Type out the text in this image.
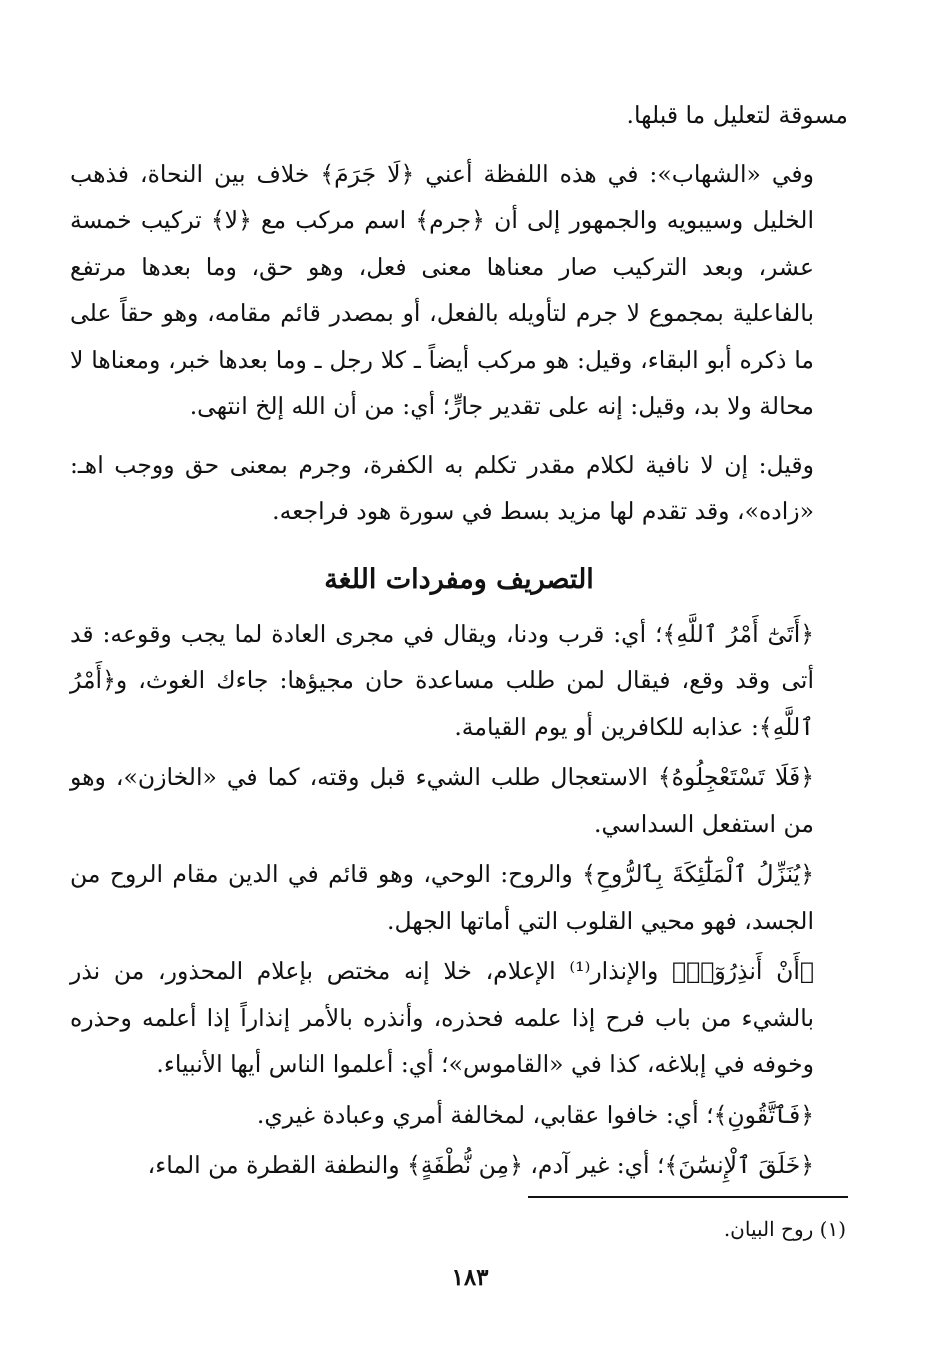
مسوقة لتعليل ما قبلها.

وفي «الشهاب»: في هذه اللفظة أعني ﴿لَا جَرَمَ﴾ خلاف بين النحاة، فذهب الخليل وسيبويه والجمهور إلى أن ﴿جرم﴾ اسم مركب مع ﴿لا﴾ تركيب خمسة عشر، وبعد التركيب صار معناها معنى فعل، وهو حق، وما بعدها مرتفع بالفاعلية بمجموع لا جرم لتأويله بالفعل، أو بمصدر قائم مقامه، وهو حقاً على ما ذكره أبو البقاء، وقيل: هو مركب أيضاً ـ كلا رجل ـ وما بعدها خبر، ومعناها لا محالة ولا بد، وقيل: إنه على تقدير جارٍّ؛ أي: من أن الله إلخ انتهى.

وقيل: إن لا نافية لكلام مقدر تكلم به الكفرة، وجرم بمعنى حق ووجب اهـ: «زاده»، وقد تقدم لها مزيد بسط في سورة هود فراجعه.

التصريف ومفردات اللغة

﴿أَتَىٰٓ أَمْرُ ٱللَّهِ﴾؛ أي: قرب ودنا، ويقال في مجرى العادة لما يجب وقوعه: قد أتى وقد وقع، فيقال لمن طلب مساعدة حان مجيؤها: جاءك الغوث، و﴿أَمْرُ ٱللَّهِ﴾: عذابه للكافرين أو يوم القيامة.

﴿فَلَا تَسْتَعْجِلُوهُ﴾ الاستعجال طلب الشيء قبل وقته، كما في «الخازن»، وهو من استفعل السداسي.

﴿يُنَزِّلُ ٱلْمَلَٰٓئِكَةَ بِٱلرُّوحِ﴾ والروح: الوحي، وهو قائم في الدين مقام الروح من الجسد، فهو محيي القلوب التي أماتها الجهل.

﴿أَنْ أَنذِرُوٓا۟﴾ والإنذار⁽¹⁾ الإعلام، خلا إنه مختص بإعلام المحذور، من نذر بالشيء من باب فرح إذا علمه فحذره، وأنذره بالأمر إنذاراً إذا أعلمه وحذره وخوفه في إبلاغه، كذا في «القاموس»؛ أي: أعلموا الناس أيها الأنبياء.

﴿فَٱتَّقُونِ﴾؛ أي: خافوا عقابي، لمخالفة أمري وعبادة غيري.

﴿خَلَقَ ٱلْإِنسَٰنَ﴾؛ أي: غير آدم، ﴿مِن نُّطْفَةٍ﴾ والنطفة القطرة من الماء،

(١) روح البيان.
١٨٣
